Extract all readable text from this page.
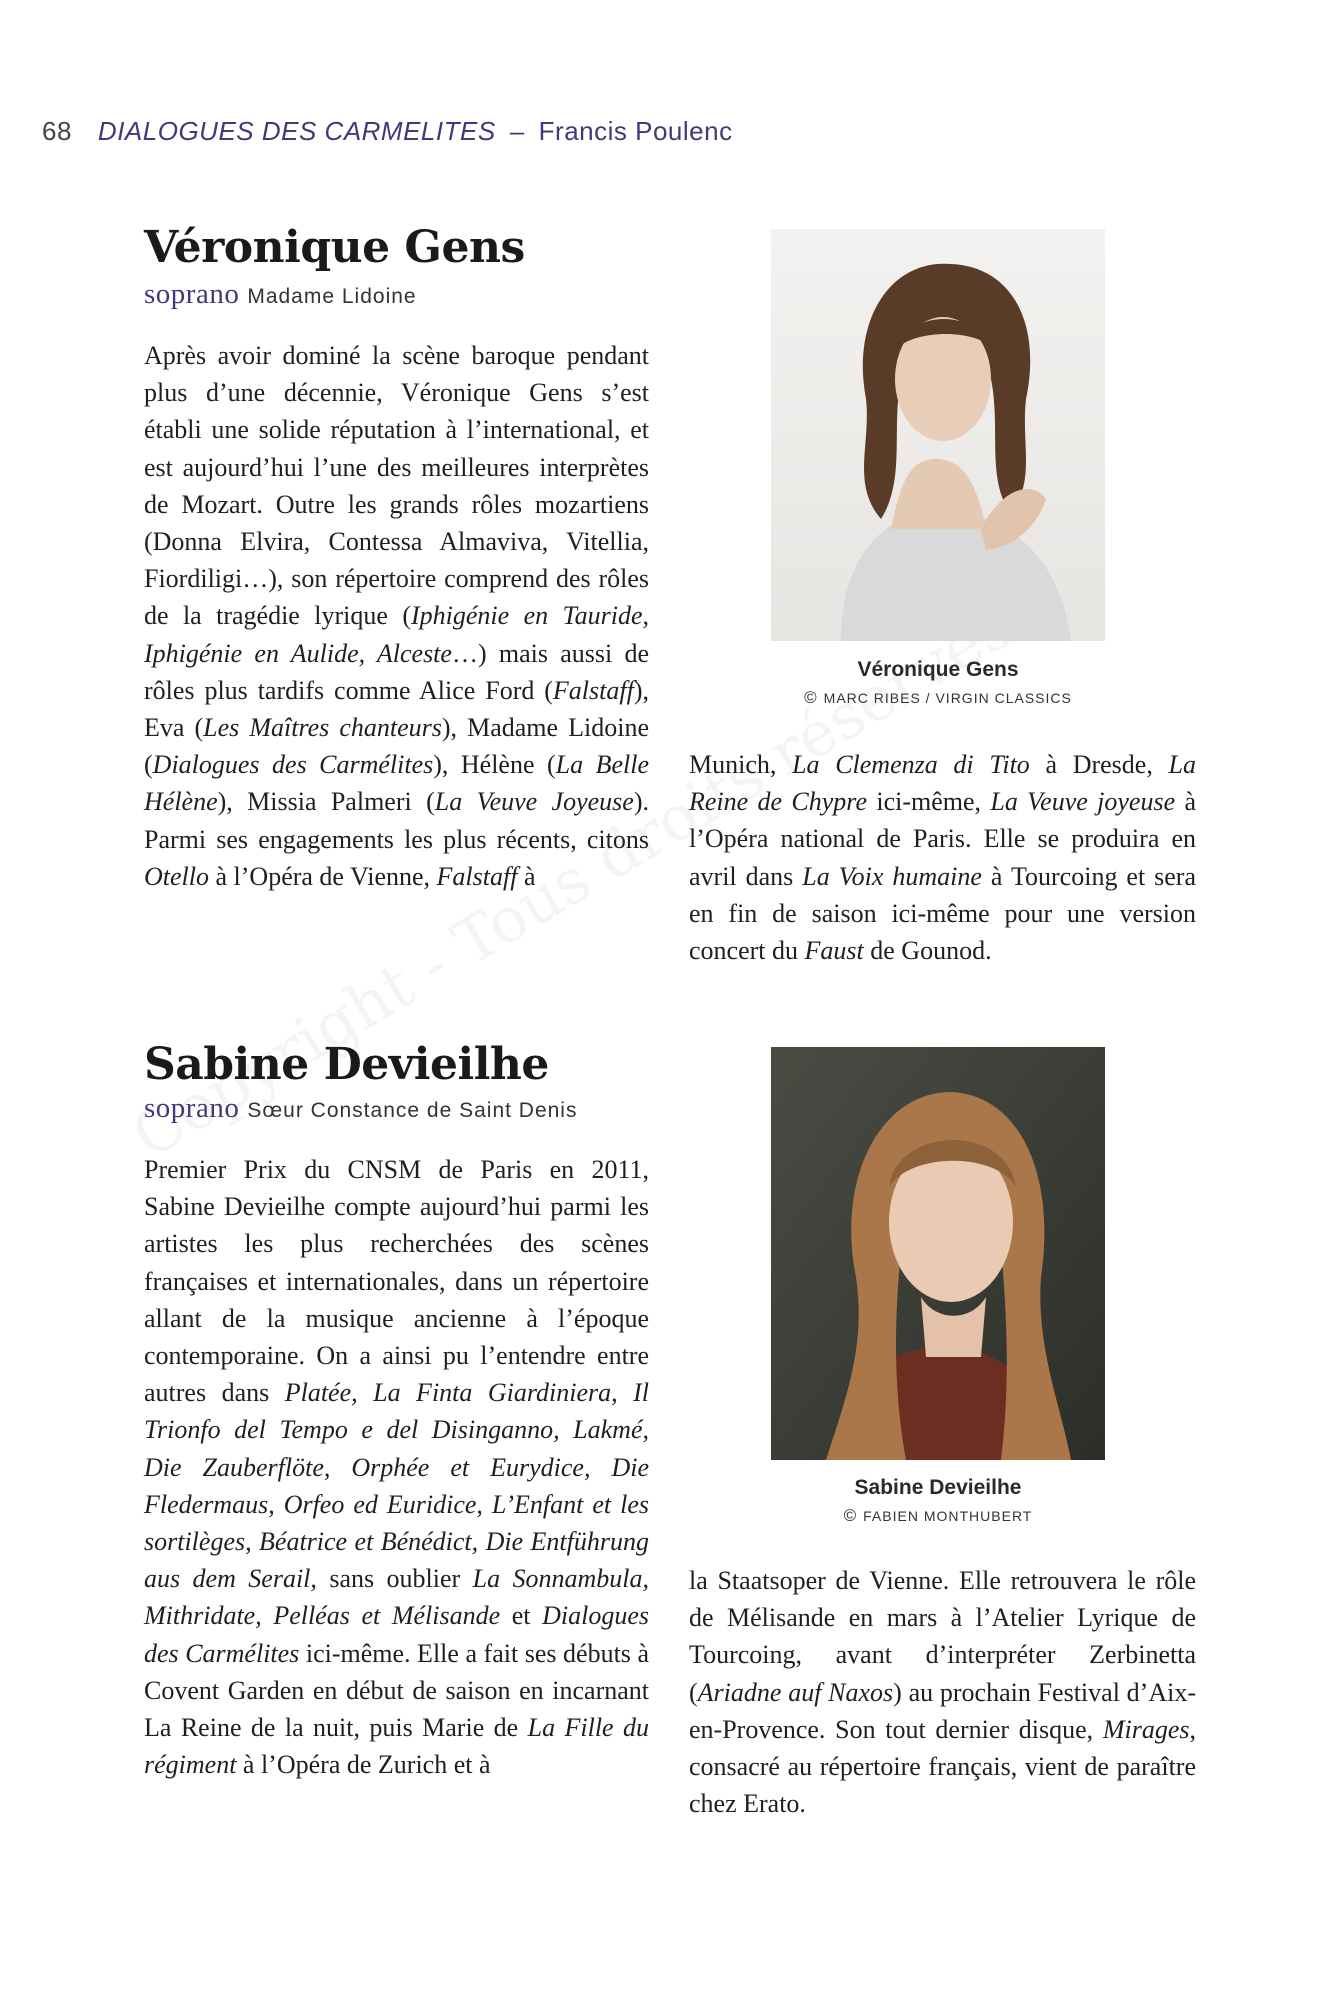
68 DIALOGUES DES CARMELITES – Francis Poulenc
Véronique Gens
soprano Madame Lidoine

Après avoir dominé la scène baroque pendant plus d’une décennie, Véronique Gens s’est établi une solide réputation à l’international, et est aujourd’hui l’une des meilleures interprètes de Mozart. Outre les grands rôles mozartiens (Donna Elvira, Contessa Almaviva, Vitellia, Fiordiligi…), son répertoire comprend des rôles de la tragédie lyrique (Iphigénie en Tauride, Iphigénie en Aulide, Alceste…) mais aussi de rôles plus tardifs comme Alice Ford (Falstaff), Eva (Les Maîtres chanteurs), Madame Lidoine (Dialogues des Carmélites), Hélène (La Belle Hélène), Missia Palmeri (La Veuve Joyeuse). Parmi ses engagements les plus récents, citons Otello à l’Opéra de Vienne, Falstaff à

Véronique Gens
© MARC RIBES / VIRGIN CLASSICS

Munich, La Clemenza di Tito à Dresde, La Reine de Chypre ici-même, La Veuve joyeuse à l’Opéra national de Paris. Elle se produira en avril dans La Voix humaine à Tourcoing et sera en fin de saison ici-même pour une version concert du Faust de Gounod.

Sabine Devieilhe
soprano Sœur Constance de Saint Denis

Premier Prix du CNSM de Paris en 2011, Sabine Devieilhe compte aujourd’hui parmi les artistes les plus recherchées des scènes françaises et internationales, dans un répertoire allant de la musique ancienne à l’époque contemporaine. On a ainsi pu l’entendre entre autres dans Platée, La Finta Giardiniera, Il Trionfo del Tempo e del Disinganno, Lakmé, Die Zauberflöte, Orphée et Eurydice, Die Fledermaus, Orfeo ed Euridice, L’Enfant et les sortilèges, Béatrice et Bénédict, Die Entführung aus dem Serail, sans oublier La Sonnambula, Mithridate, Pelléas et Mélisande et Dialogues des Carmélites ici-même. Elle a fait ses débuts à Covent Garden en début de saison en incarnant La Reine de la nuit, puis Marie de La Fille du régiment à l’Opéra de Zurich et à

Sabine Devieilhe
© FABIEN MONTHUBERT

la Staatsoper de Vienne. Elle retrouvera le rôle de Mélisande en mars à l’Atelier Lyrique de Tourcoing, avant d’interpréter Zerbinetta (Ariadne auf Naxos) au prochain Festival d’Aix-en-Provence. Son tout dernier disque, Mirages, consacré au répertoire français, vient de paraître chez Erato.
